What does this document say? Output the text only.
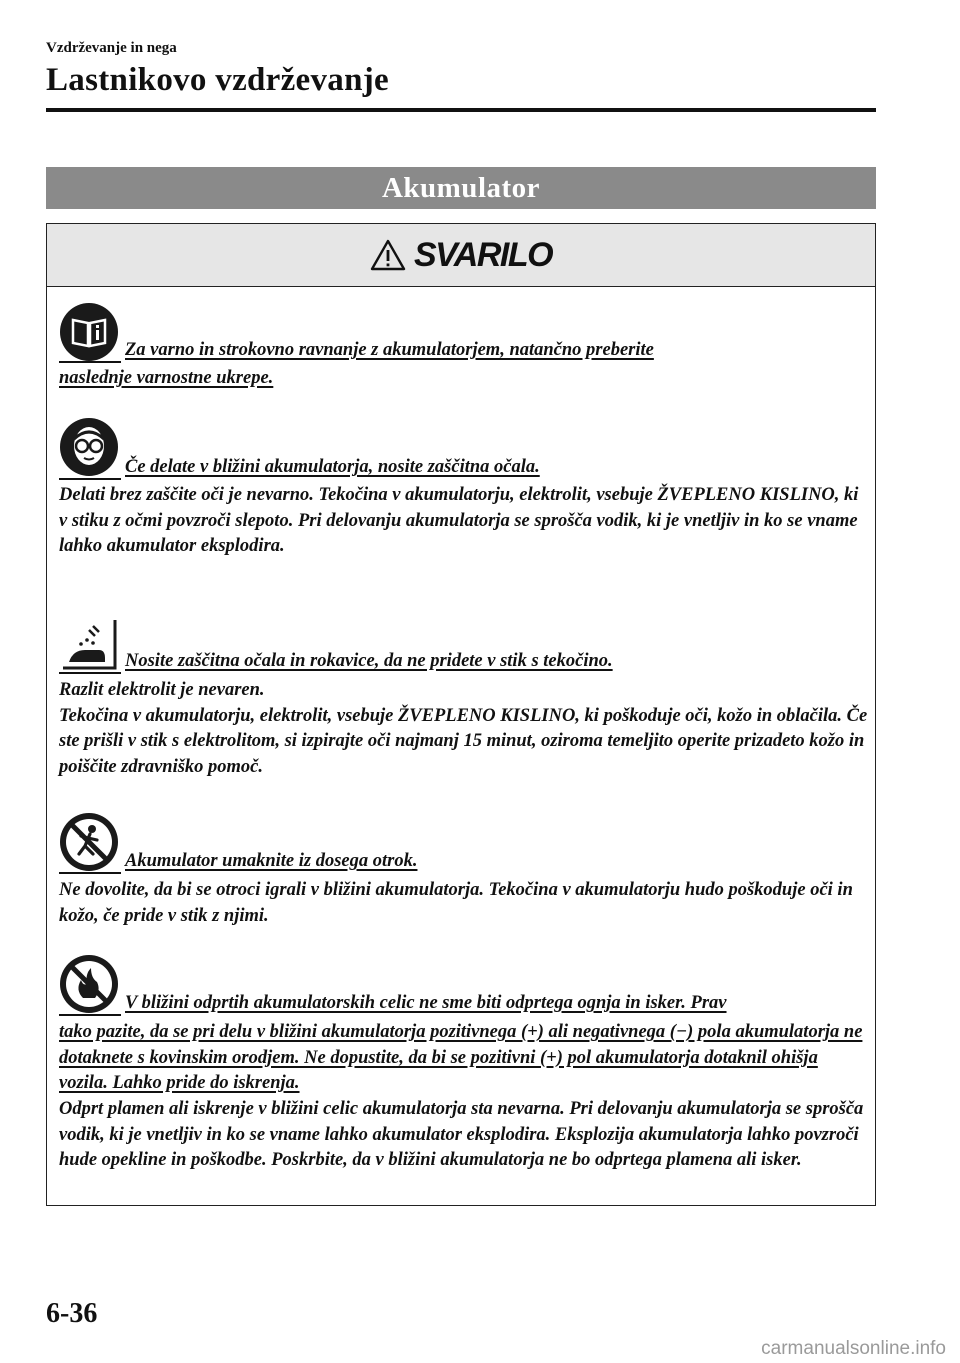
Vzdrževanje in nega
Lastnikovo vzdrževanje
Akumulator
SVARILO
Za varno in strokovno ravnanje z akumulatorjem, natančno preberite

naslednje varnostne ukrepe.

Če delate v bližini akumulatorja, nosite zaščitna očala.

Delati brez zaščite oči je nevarno. Tekočina v akumulatorju, elektrolit, vsebuje ŽVEPLENO KISLINO, ki v stiku z očmi povzroči slepoto. Pri delovanju akumulatorja se sprošča vodik, ki je vnetljiv in ko se vname lahko akumulator eksplodira.

Nosite zaščitna očala in rokavice, da ne pridete v stik s tekočino.

Razlit elektrolit je nevaren.
Tekočina v akumulatorju, elektrolit, vsebuje ŽVEPLENO KISLINO, ki poškoduje oči, kožo in oblačila. Če ste prišli v stik s elektrolitom, si izpirajte oči najmanj 15 minut, oziroma temeljito operite prizadeto kožo in poiščite zdravniško pomoč.

Akumulator umaknite iz dosega otrok.

Ne dovolite, da bi se otroci igrali v bližini akumulatorja. Tekočina v akumulatorju hudo poškoduje oči in kožo, če pride v stik z njimi.

V bližini odprtih akumulatorskih celic ne sme biti odprtega ognja in isker. Prav

tako pazite, da se pri delu v bližini akumulatorja pozitivnega (+) ali negativnega (−) pola akumulatorja ne dotaknete s kovinskim orodjem. Ne dopustite, da bi se pozitivni (+) pol akumulatorja dotaknil ohišja vozila. Lahko pride do iskrenja.

Odprt plamen ali iskrenje v bližini celic akumulatorja sta nevarna. Pri delovanju akumulatorja se sprošča vodik, ki je vnetljiv in ko se vname lahko akumulator eksplodira. Eksplozija akumulatorja lahko povzroči hude opekline in poškodbe. Poskrbite, da v bližini akumulatorja ne bo odprtega plamena ali isker.

6-36
carmanualsonline.info
